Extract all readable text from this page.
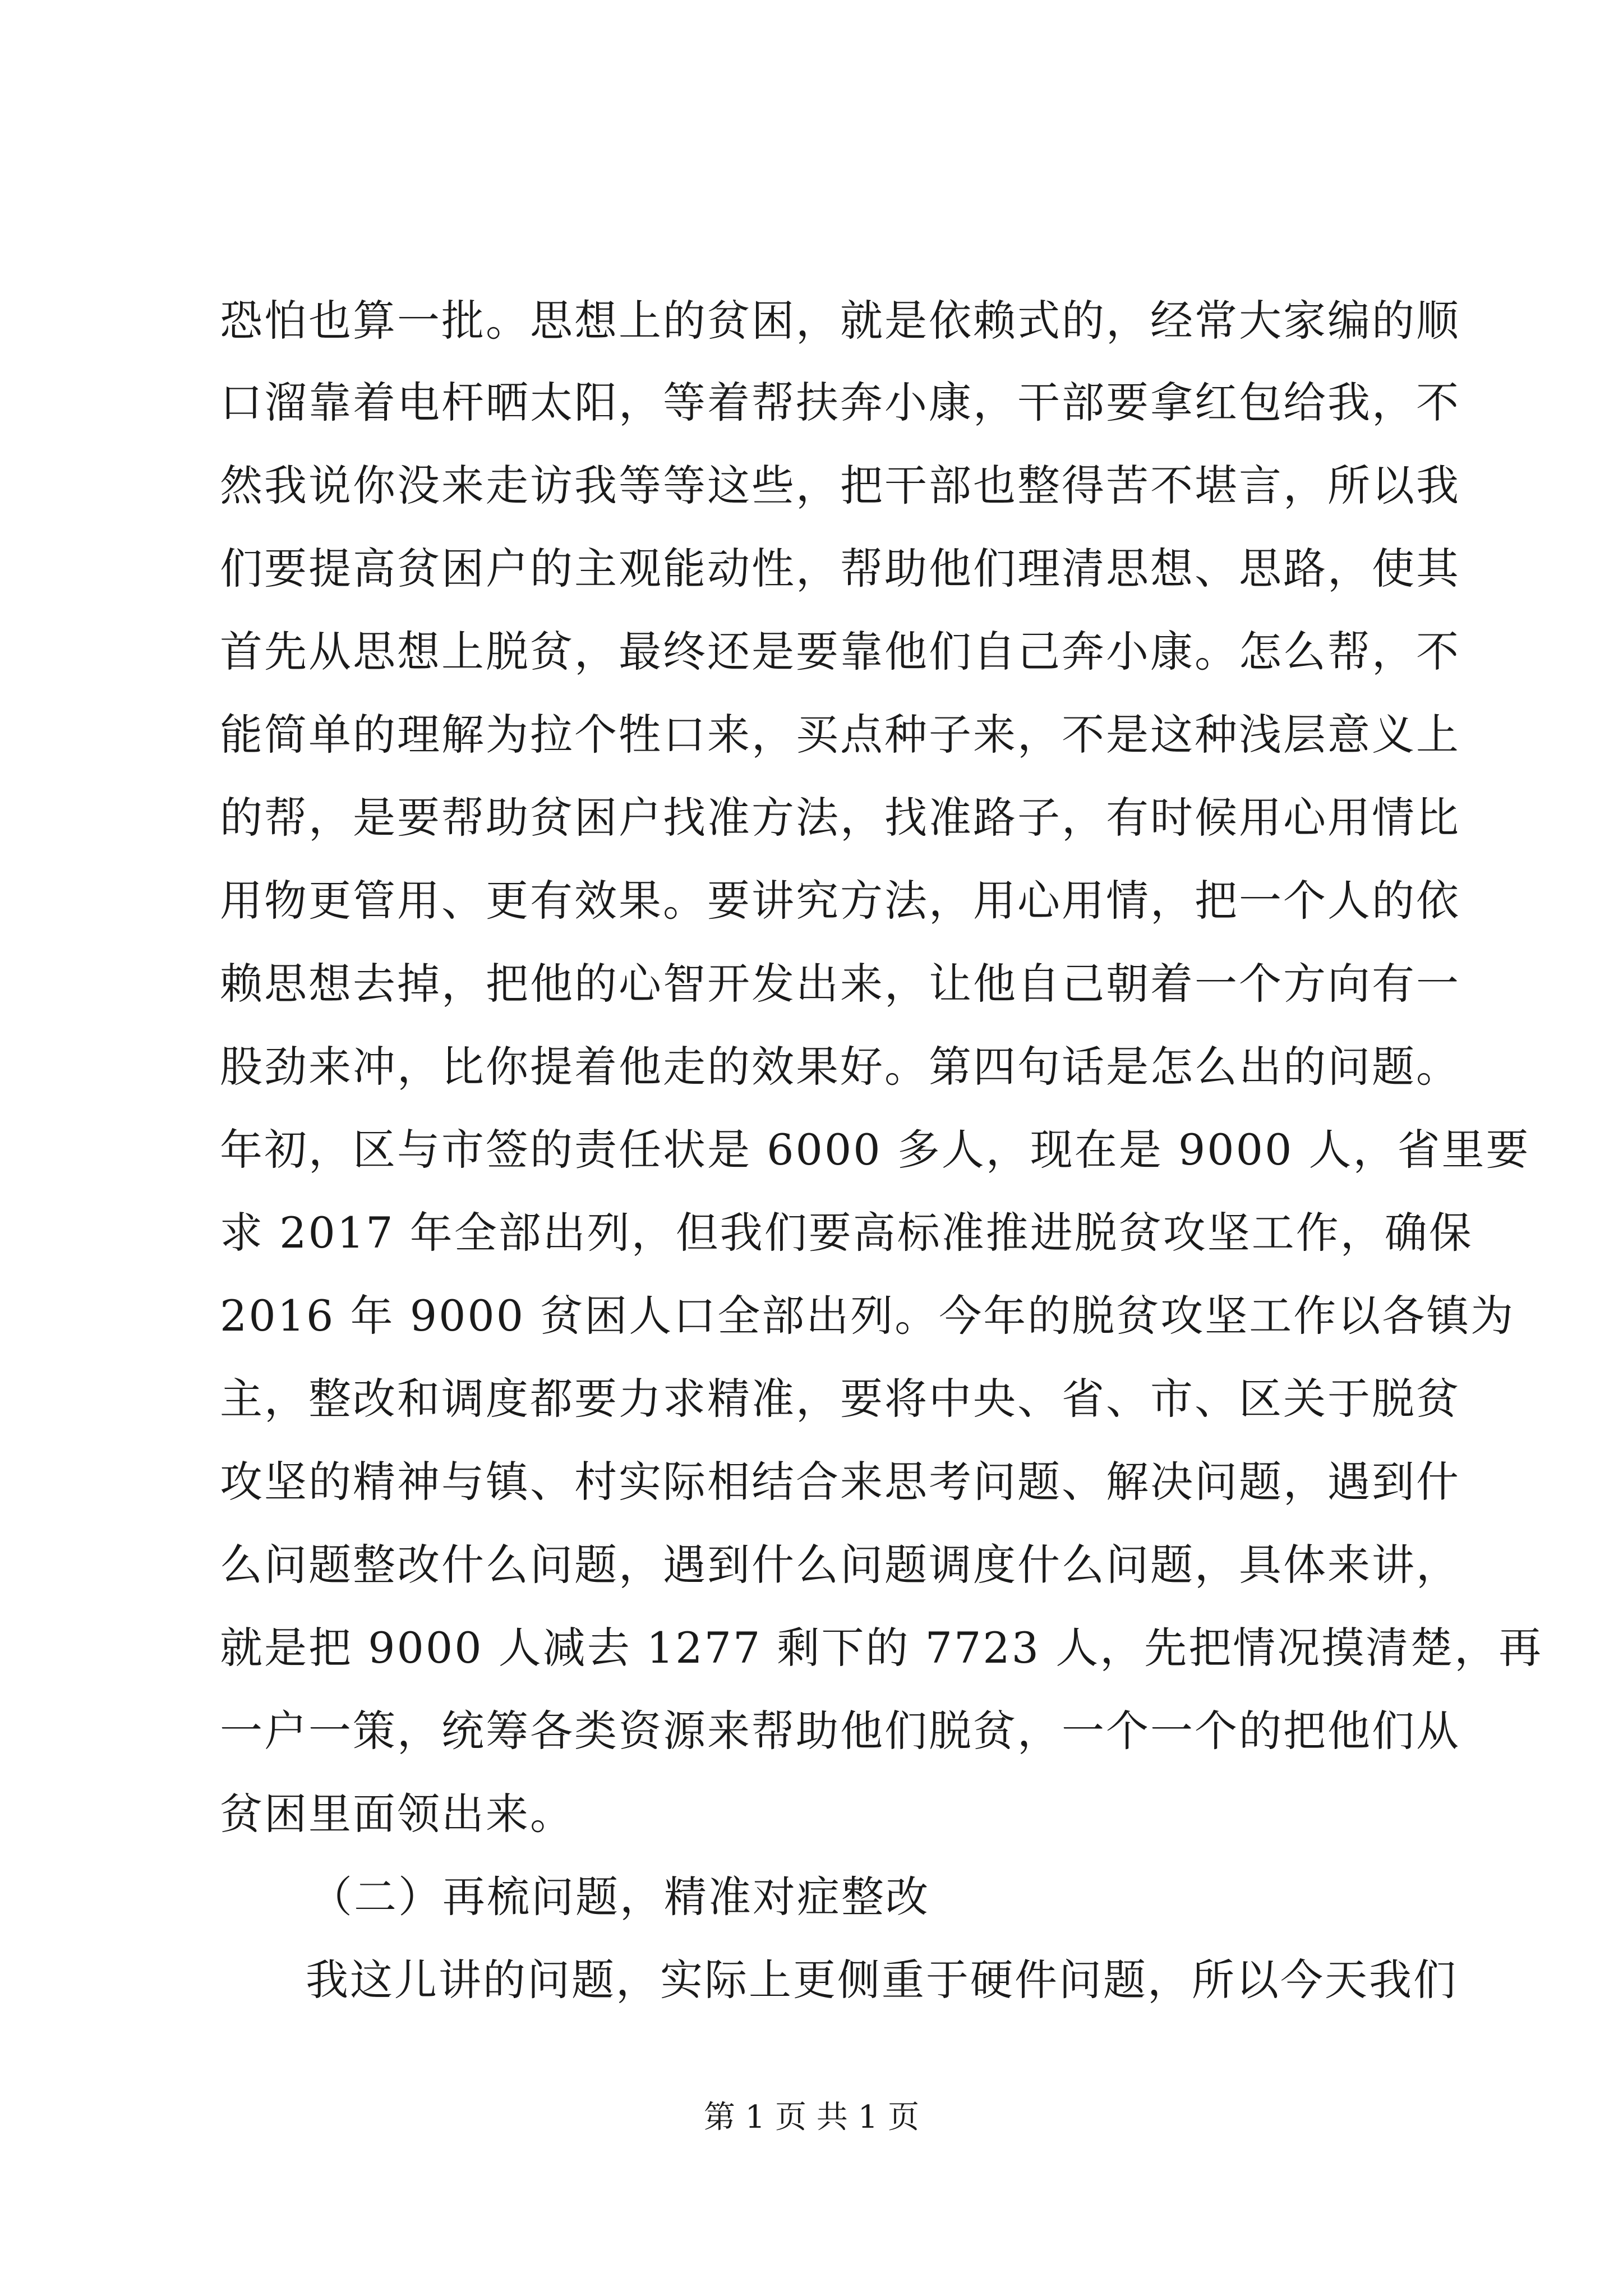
恐怕也算一批。思想上的贫困，就是依赖式的，经常大家编的顺
口溜靠着电杆晒太阳，等着帮扶奔小康，干部要拿红包给我，不
然我说你没来走访我等等这些，把干部也整得苦不堪言，所以我
们要提高贫困户的主观能动性，帮助他们理清思想、思路，使其
首先从思想上脱贫，最终还是要靠他们自己奔小康。怎么帮，不
能简单的理解为拉个牲口来，买点种子来，不是这种浅层意义上
的帮，是要帮助贫困户找准方法，找准路子，有时候用心用情比
用物更管用、更有效果。要讲究方法，用心用情，把一个人的依
赖思想去掉，把他的心智开发出来，让他自己朝着一个方向有一
股劲来冲，比你提着他走的效果好。第四句话是怎么出的问题。
年初，区与市签的责任状是 6000 多人，现在是 9000 人，省里要
求 2017 年全部出列，但我们要高标准推进脱贫攻坚工作，确保
2016 年 9000 贫困人口全部出列。今年的脱贫攻坚工作以各镇为
主，整改和调度都要力求精准，要将中央、省、市、区关于脱贫
攻坚的精神与镇、村实际相结合来思考问题、解决问题，遇到什
么问题整改什么问题，遇到什么问题调度什么问题，具体来讲，
就是把 9000 人减去 1277 剩下的 7723 人，先把情况摸清楚，再
一户一策，统筹各类资源来帮助他们脱贫，一个一个的把他们从
贫困里面领出来。
（二）再梳问题，精准对症整改
我这儿讲的问题，实际上更侧重于硬件问题，所以今天我们
第 1 页 共 1 页
